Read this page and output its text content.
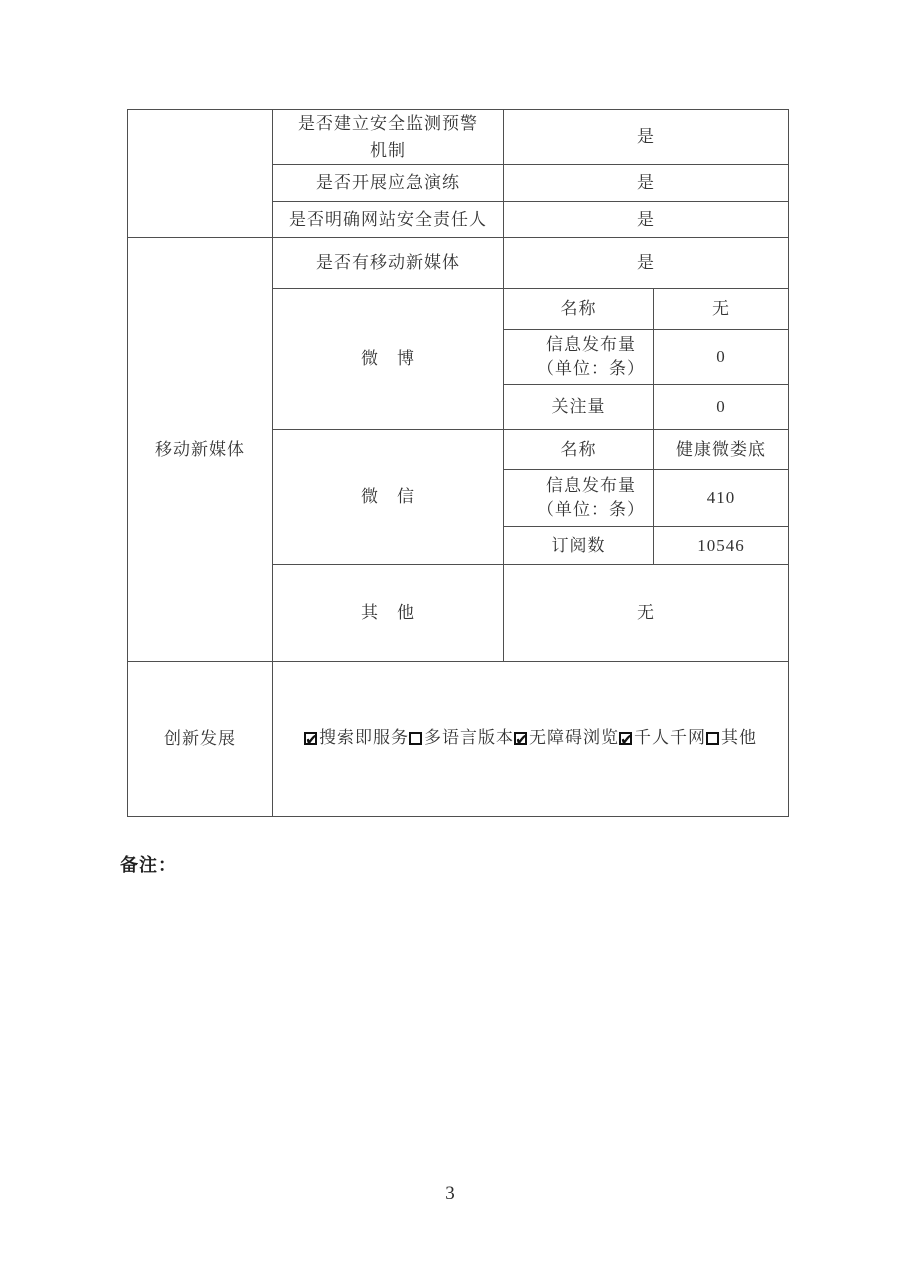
	是否建立安全监测预警
机制	是	
	是否开展应急演练	是	
	是否明确网站安全责任人	是	
移动新媒体	是否有移动新媒体	是	
	微　博	名称	无

		信息发布量
（单位：条）	0
		关注量	0
	微　信	名称	健康微娄底

		信息发布量
（单位：条）	410
		订阅数	10546
	其　他	无	
创新发展	
✔搜索即服务 多语言版本 ✔ 无障碍浏览 ✔ 千人千网 其他
备注：
3
